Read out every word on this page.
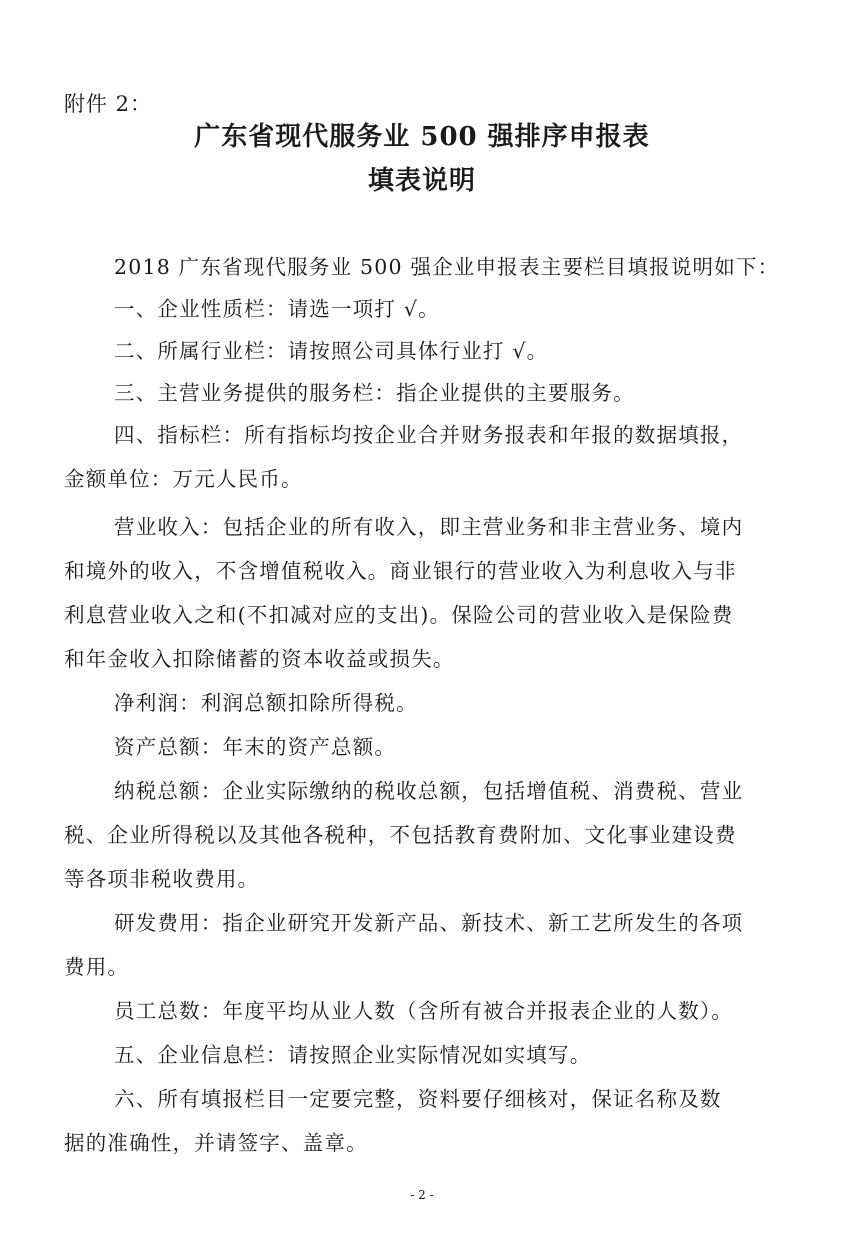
附件 2：
广东省现代服务业 500 强排序申报表
填表说明
2018 广东省现代服务业 500 强企业申报表主要栏目填报说明如下：
一、企业性质栏：请选一项打 √。
二、所属行业栏：请按照公司具体行业打 √。
三、主营业务提供的服务栏：指企业提供的主要服务。
四、指标栏：所有指标均按企业合并财务报表和年报的数据填报，
金额单位：万元人民币。
营业收入：包括企业的所有收入，即主营业务和非主营业务、境内
和境外的收入，不含增值税收入。商业银行的营业收入为利息收入与非
利息营业收入之和(不扣减对应的支出)。保险公司的营业收入是保险费
和年金收入扣除储蓄的资本收益或损失。
净利润：利润总额扣除所得税。
资产总额：年末的资产总额。
纳税总额：企业实际缴纳的税收总额，包括增值税、消费税、营业
税、企业所得税以及其他各税种，不包括教育费附加、文化事业建设费
等各项非税收费用。
研发费用：指企业研究开发新产品、新技术、新工艺所发生的各项
费用。
员工总数：年度平均从业人数（含所有被合并报表企业的人数）。
五、企业信息栏：请按照企业实际情况如实填写。
六、所有填报栏目一定要完整，资料要仔细核对，保证名称及数
据的准确性，并请签字、盖章。
- 2 -
